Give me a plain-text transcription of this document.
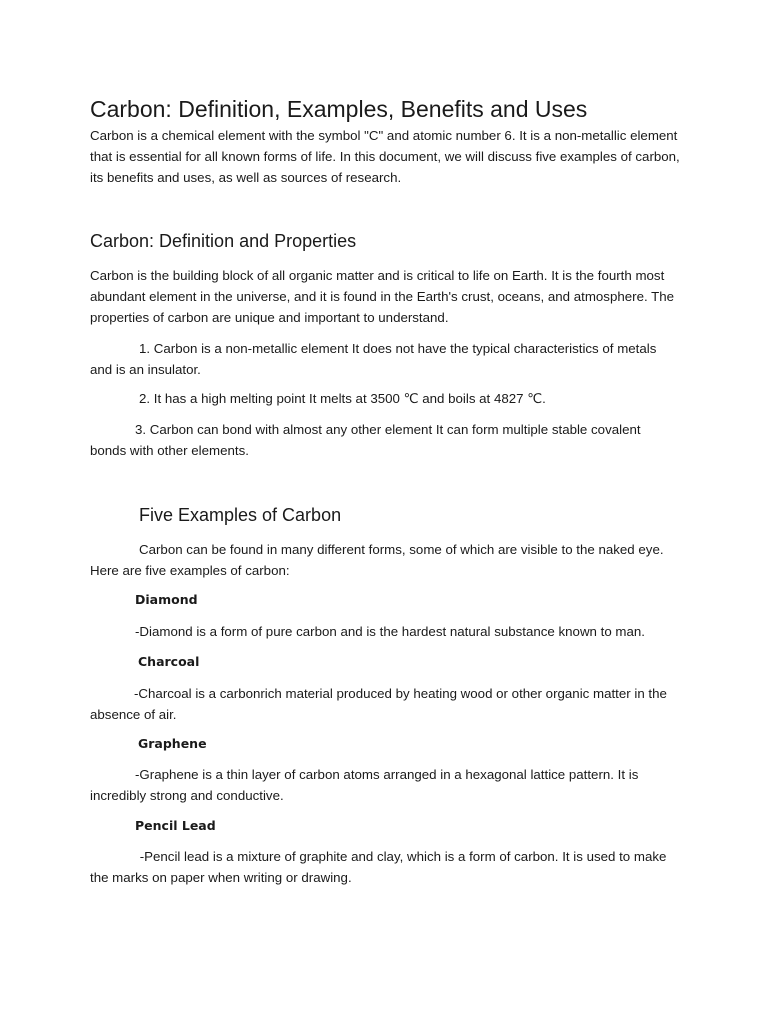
Carbon: Definition, Examples, Benefits and Uses

Carbon is a chemical element with the symbol "C" and atomic number 6. It is a non-metallic element that is essential for all known forms of life. In this document, we will discuss five examples of carbon, its benefits and uses, as well as sources of research.

Carbon: Definition and Properties

Carbon is the building block of all organic matter and is critical to life on Earth. It is the fourth most abundant element in the universe, and it is found in the Earth's crust, oceans, and atmosphere. The properties of carbon are unique and important to understand.

1. Carbon is a non-metallic element It does not have the typical characteristics of metals and is an insulator.

2. It has a high melting point It melts at 3500 ℃ and boils at 4827 ℃.

3. Carbon can bond with almost any other element It can form multiple stable covalent bonds with other elements.

Five Examples of Carbon

Carbon can be found in many different forms, some of which are visible to the naked eye. Here are five examples of carbon:

Diamond

-Diamond is a form of pure carbon and is the hardest natural substance known to man.

Charcoal

-Charcoal is a carbonrich material produced by heating wood or other organic matter in the absence of air.

Graphene

-Graphene is a thin layer of carbon atoms arranged in a hexagonal lattice pattern. It is incredibly strong and conductive.

Pencil Lead

-Pencil lead is a mixture of graphite and clay, which is a form of carbon. It is used to make the marks on paper when writing or drawing.
